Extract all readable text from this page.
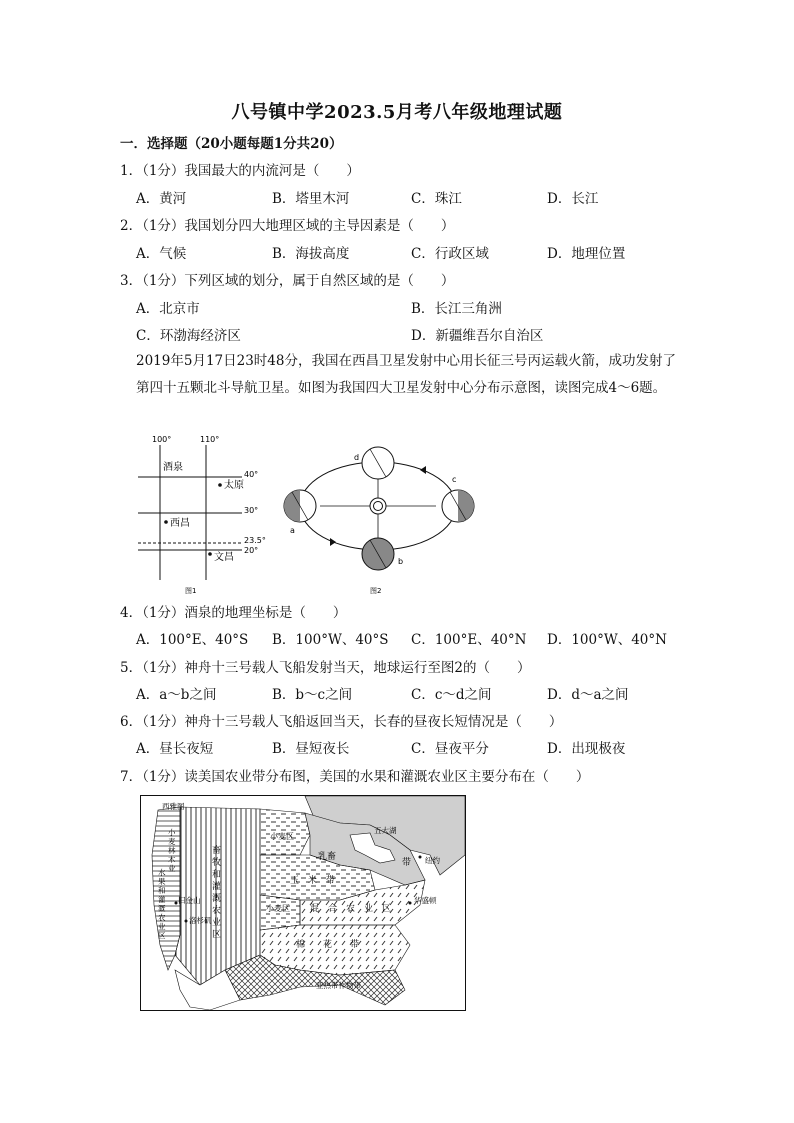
八号镇中学2023.5月考八年级地理试题
一．选择题（20小题每题1分共20）
1．（1分）我国最大的内流河是（　　）
A．黄河	B．塔里木河	C．珠江	D．长江
2．（1分）我国划分四大地理区域的主导因素是（　　）
A．气候	B．海拔高度	C．行政区域	D．地理位置
3．（1分）下列区域的划分，属于自然区域的是（　　）
A．北京市	B．长江三角洲
C．环渤海经济区	D．新疆维吾尔自治区
2019年5月17日23时48分，我国在西昌卫星发射中心用长征三号丙运载火箭，成功发射了第四十五颗北斗导航卫星。如图为我国四大卫星发射中心分布示意图，读图完成4～6题。
100°	110°
40°
30°
23.5°
20°
酒泉
太原
西昌
文昌
图1
a
b
c
d
图2
4．（1分）酒泉的地理坐标是（　　）
A．100°E、40°S B．100°W、40°S C．100°E、40°N D．100°W、40°N
5．（1分）神舟十三号载人飞船发射当天，地球运行至图2的（　　）
A．a～b之间	B．b～c之间	C．c～d之间	D．d～a之间
6．（1分）神舟十三号载人飞船返回当天，长春的昼夜长短情况是（　　）
A．昼长夜短	B．昼短夜长	C．昼夜平分	D．出现极夜
7．（1分）读美国农业带分布图，美国的水果和灌溉农业区主要分布在（　　）
西雅图
小
麦
林
木
业
水
果
和
灌
溉
农
业
区
畜
牧
和
灌
溉
农
业
区
小麦区
五大湖
乳畜
带 纽约
玉　米　带
小麦区 混　合　农　业　区
华盛顿
旧金山
洛杉矶
棉　　花　　带
亚热带作物带
